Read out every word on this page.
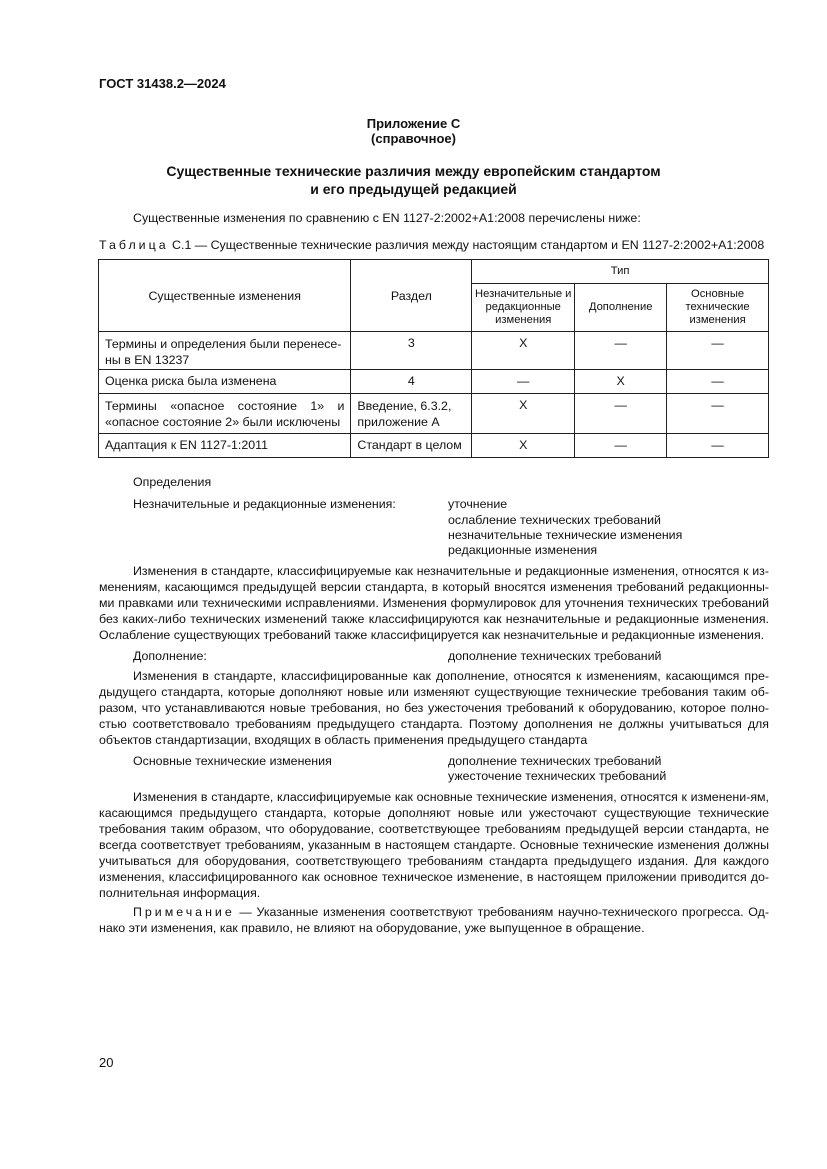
ГОСТ 31438.2—2024
Приложение С
(справочное)
Существенные технические различия между европейским стандартом
и его предыдущей редакцией
Существенные изменения по сравнению с EN 1127-2:2002+A1:2008 перечислены ниже:
Таблица С.1 — Существенные технические различия между настоящим стандартом и EN 1127-2:2002+A1:2008
Существенные изменения	Раздел	Тип		
		Незначительные и редакционные изменения	Дополнение	Основные технические изменения
Термины и определения были перенесе-ны в EN 13237	3	X	—	—
Оценка риска была изменена	4	—	X	—
Термины «опасное состояние 1» и «опасное состояние 2» были исключены	Введение, 6.3.2, приложение А	X	—	—
Адаптация к EN 1127-1:2011	Стандарт в целом	X	—	—
Определения
Незначительные и редакционные изменения:	уточнение
ослабление технических требований
незначительные технические изменения
редакционные изменения
Изменения в стандарте, классифицируемые как незначительные и редакционные изменения, относятся к из-менениям, касающимся предыдущей версии стандарта, в который вносятся изменения требований редакционны-ми правками или техническими исправлениями. Изменения формулировок для уточнения технических требований без каких-либо технических изменений также классифицируются как незначительные и редакционные изменения. Ослабление существующих требований также классифицируется как незначительные и редакционные изменения.
Дополнение:	дополнение технических требований
Изменения в стандарте, классифицированные как дополнение, относятся к изменениям, касающимся пре-дыдущего стандарта, которые дополняют новые или изменяют существующие технические требования таким об-разом, что устанавливаются новые требования, но без ужесточения требований к оборудованию, которое полно-стью соответствовало требованиям предыдущего стандарта. Поэтому дополнения не должны учитываться для объектов стандартизации, входящих в область применения предыдущего стандарта
Основные технические изменения	дополнение технических требований
ужесточение технических требований
Изменения в стандарте, классифицируемые как основные технические изменения, относятся к изменени-ям, касающимся предыдущего стандарта, которые дополняют новые или ужесточают существующие технические требования таким образом, что оборудование, соответствующее требованиям предыдущей версии стандарта, не всегда соответствует требованиям, указанным в настоящем стандарте. Основные технические изменения должны учитываться для оборудования, соответствующего требованиям стандарта предыдущего издания. Для каждого изменения, классифицированного как основное техническое изменение, в настоящем приложении приводится до-полнительная информация.
Примечание — Указанные изменения соответствуют требованиям научно-технического прогресса. Од-нако эти изменения, как правило, не влияют на оборудование, уже выпущенное в обращение.
20
